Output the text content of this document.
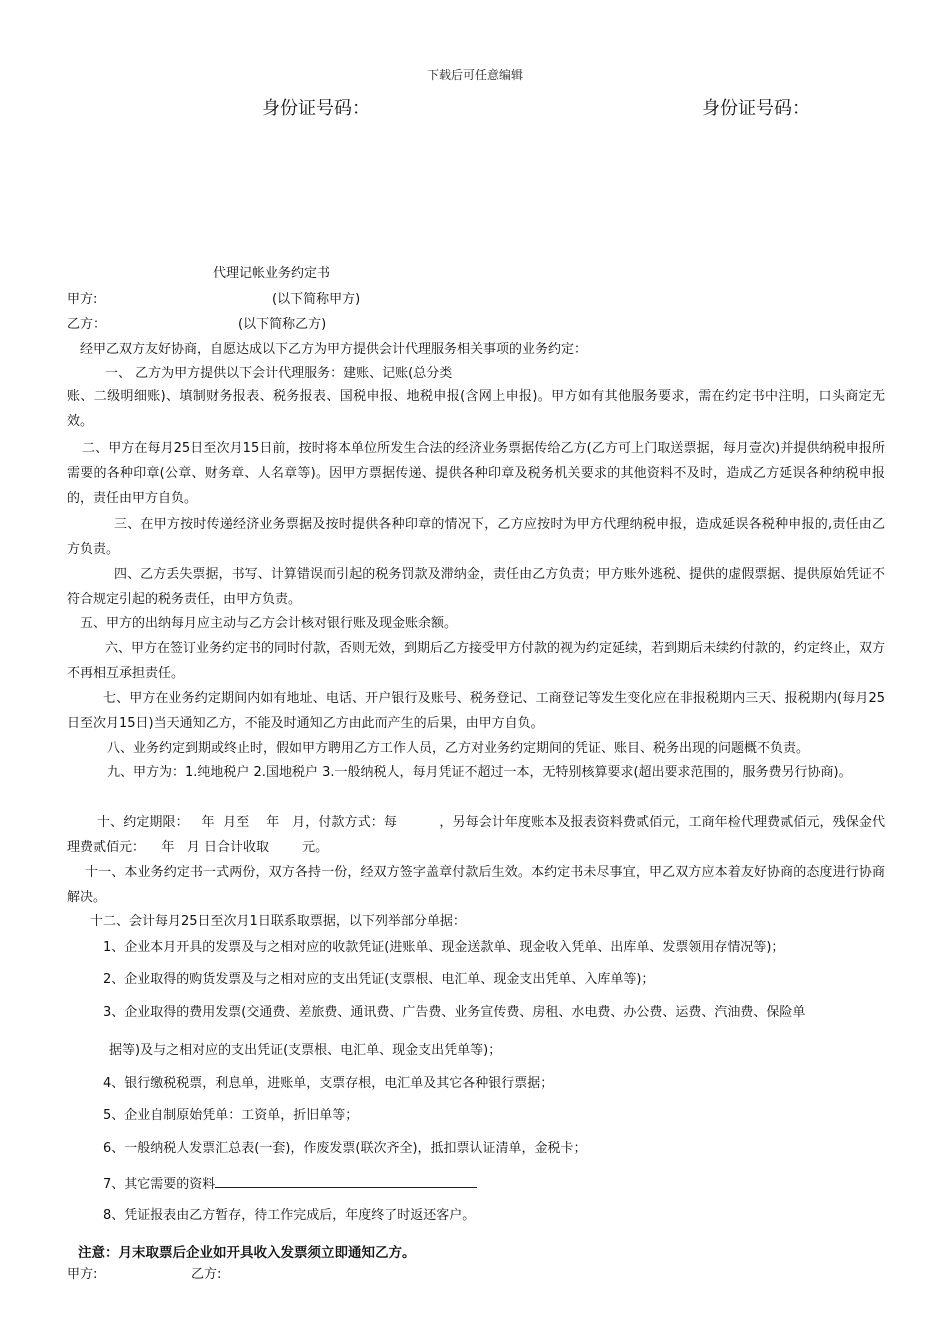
下载后可任意编辑
身份证号码：	身份证号码：
代理记帐业务约定书
甲方:	(以下简称甲方)
乙方：	(以下简称乙方)
经甲乙双方友好协商，自愿达成以下乙方为甲方提供会计代理服务相关事项的业务约定：
一、 乙方为甲方提供以下会计代理服务：建账、记账(总分类
账、二级明细账)、填制财务报表、税务报表、国税申报、地税申报(含网上申报)。甲方如有其他服务要求，需在约定书中注明，口头商定无效。
二、甲方在每月25日至次月15日前，按时将本单位所发生合法的经济业务票据传给乙方(乙方可上门取送票据，每月壹次)并提供纳税申报所需要的各种印章(公章、财务章、人名章等)。因甲方票据传递、提供各种印章及税务机关要求的其他资料不及时，造成乙方延误各种纳税申报的，责任由甲方自负。
三、在甲方按时传递经济业务票据及按时提供各种印章的情况下，乙方应按时为甲方代理纳税申报，造成延误各税种申报的,责任由乙方负责。
四、乙方丢失票据，书写、计算错误而引起的税务罚款及滞纳金，责任由乙方负责；甲方账外逃税、提供的虚假票据、提供原始凭证不符合规定引起的税务责任，由甲方负责。
五、甲方的出纳每月应主动与乙方会计核对银行账及现金账余额。
六、甲方在签订业务约定书的同时付款，否则无效，到期后乙方接受甲方付款的视为约定延续，若到期后未续约付款的，约定终止，双方不再相互承担责任。
七、甲方在业务约定期间内如有地址、电话、开户银行及账号、税务登记、工商登记等发生变化应在非报税期内三天、报税期内(每月25日至次月15日)当天通知乙方，不能及时通知乙方由此而产生的后果，由甲方自负。
八、业务约定到期或终止时，假如甲方聘用乙方工作人员，乙方对业务约定期间的凭证、账目、税务出现的问题概不负责。
九、甲方为：1.纯地税户 2.国地税户 3.一般纳税人，每月凭证不超过一本，无特别核算要求(超出要求范围的，服务费另行协商)。
十、约定期限：   年  月至    年   月，付款方式：每          ，另每会计年度账本及报表资料费贰佰元，工商年检代理费贰佰元，残保金代理费贰佰元：    年   月 日合计收取        元。
十一、本业务约定书一式两份，双方各持一份，经双方签字盖章付款后生效。本约定书未尽事宜，甲乙双方应本着友好协商的态度进行协商解决。
十二、会计每月25日至次月1日联系取票据，以下列举部分单据：
1、企业本月开具的发票及与之相对应的收款凭证(进账单、现金送款单、现金收入凭单、出库单、发票领用存情况等)；
2、企业取得的购货发票及与之相对应的支出凭证(支票根、电汇单、现金支出凭单、入库单等)；
3、企业取得的费用发票(交通费、差旅费、通讯费、广告费、业务宣传费、房租、水电费、办公费、运费、汽油费、保险单
据等)及与之相对应的支出凭证(支票根、电汇单、现金支出凭单等)；
4、银行缴税税票，利息单，进账单，支票存根，电汇单及其它各种银行票据；
5、企业自制原始凭单：工资单，折旧单等；
6、一般纳税人发票汇总表(一套)，作废发票(联次齐全)，抵扣票认证清单，金税卡；
7、其它需要的资料
8、凭证报表由乙方暂存，待工作完成后，年度终了时返还客户。
注意：月末取票后企业如开具收入发票须立即通知乙方。
甲方:	乙方:
